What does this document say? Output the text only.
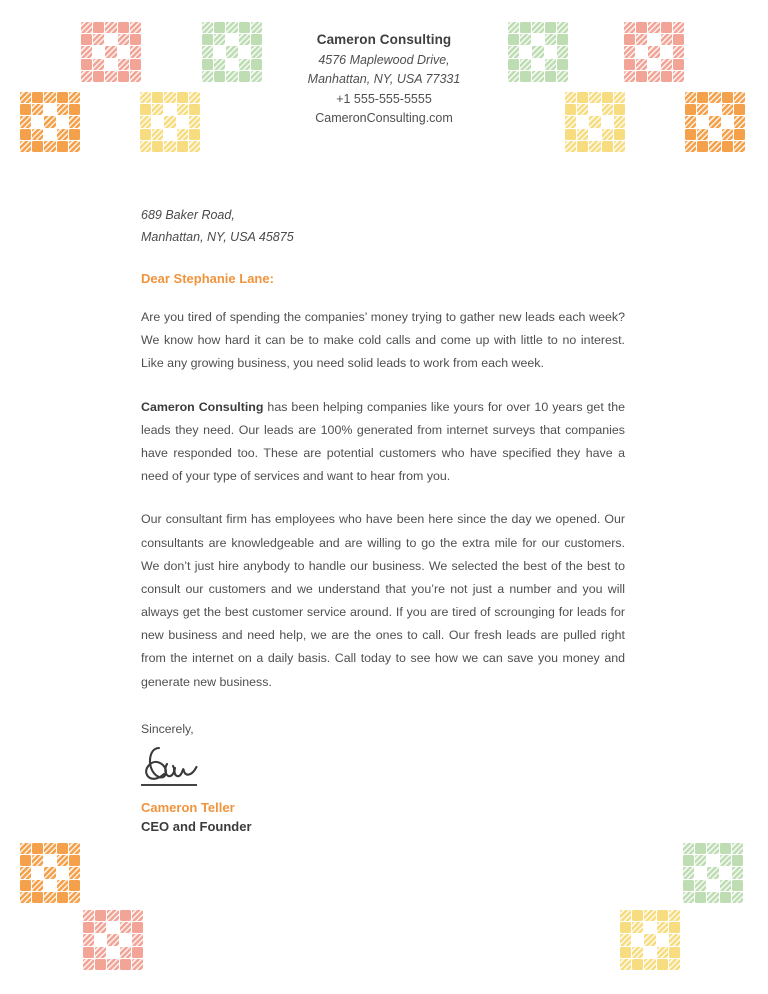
Cameron Consulting
4576 Maplewood Drive,
Manhattan, NY, USA 77331
+1 555-555-5555
CameronConsulting.com
689 Baker Road,
Manhattan, NY, USA 45875
Dear Stephanie Lane:

Are you tired of spending the companies’ money trying to gather new leads each week? We know how hard it can be to make cold calls and come up with little to no interest. Like any growing business, you need solid leads to work from each week.

Cameron Consulting has been helping companies like yours for over 10 years get the leads they need. Our leads are 100% generated from internet surveys that companies have responded too. These are potential customers who have specified they have a need of your type of services and want to hear from you.

Our consultant firm has employees who have been here since the day we opened. Our consultants are knowledgeable and are willing to go the extra mile for our customers. We don’t just hire anybody to handle our business. We selected the best of the best to consult our customers and we understand that you’re not just a number and you will always get the best customer service around. If you are tired of scrounging for leads for new business and need help, we are the ones to call. Our fresh leads are pulled right from the internet on a daily basis. Call today to see how we can save you money and generate new business.

Sincerely,
Cameron Teller
CEO and Founder
